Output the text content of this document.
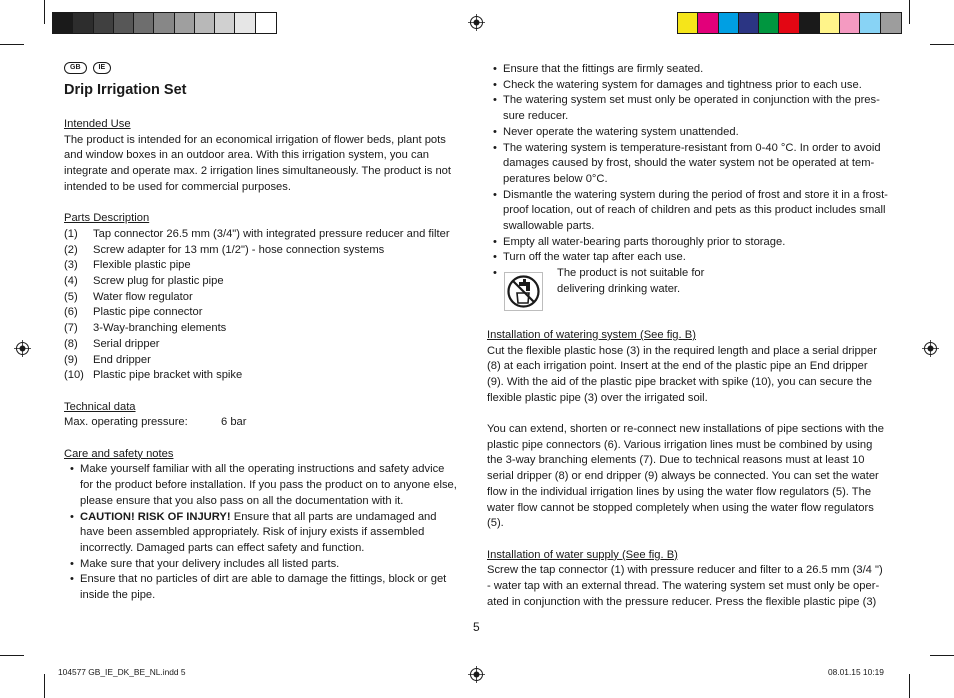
GB	IE
Drip Irrigation Set

Intended Use

The product is intended for an economical irrigation of flower beds, plant pots

and window boxes in an outdoor area. With this irrigation system, you can

integrate and operate max. 2 irrigation lines simultaneously. The product is not

intended to be used for commercial purposes.

Parts Description

(1)	Tap connector 26.5 mm (3/4") with integrated pressure reducer and filter
(2)	Screw adapter for 13 mm (1/2") - hose connection systems
(3)	Flexible plastic pipe
(4)	Screw plug for plastic pipe
(5)	Water flow regulator
(6)	Plastic pipe connector
(7)	3-Way-branching elements
(8)	Serial dripper
(9)	End dripper
(10) Plastic pipe bracket with spike

Technical data

Max. operating pressure:	6 bar

Care and safety notes

• Make yourself familiar with all the operating instructions and safety advice
for the product before installation. If you pass the product on to anyone else,
please ensure that you also pass on all the documentation with it.
• CAUTION! RISK OF INJURY! Ensure that all parts are undamaged and
have been assembled appropriately. Risk of injury exists if assembled
incorrectly. Damaged parts can effect safety and function.
• Make sure that your delivery includes all listed parts.
• Ensure that no particles of dirt are able to damage the fittings, block or get
inside the pipe.
• Ensure that the fittings are firmly seated.
• Check the watering system for damages and tightness prior to each use.
• The watering system set must only be operated in conjunction with the pres-
sure reducer.
• Never operate the watering system unattended.
• The watering system is temperature-resistant from 0-40 °C. In order to avoid
damages caused by frost, should the water system not be operated at tem-
peratures below 0°C.
• Dismantle the watering system during the period of frost and store it in a frost-
proof location, out of reach of children and pets as this product includes small
swallowable parts.
• Empty all water-bearing parts thoroughly prior to storage.
• Turn off the water tap after each use.
•	The product is not suitable for
delivering drinking water.

Installation of watering system (See fig. B)

Cut the flexible plastic hose (3) in the required length and place a serial dripper

(8) at each irrigation point. Insert at the end of the plastic pipe an End dripper

(9). With the aid of the plastic pipe bracket with spike (10), you can secure the

flexible plastic pipe (3) over the irrigated soil.

You can extend, shorten or re-connect new installations of pipe sections with the

plastic pipe connectors (6). Various irrigation lines must be combined by using

the 3-way branching elements (7). Due to technical reasons must at least 10

serial dripper (8) or end dripper (9) always be connected. You can set the water

flow in the individual irrigation lines by using the water flow regulators (5). The

water flow cannot be stopped completely when using the water flow regulators

(5).

Installation of water supply (See fig. B)

Screw the tap connector (1) with pressure reducer and filter to a 26.5 mm (3/4 ")

- water tap with an external thread. The watering system set must only be oper-

ated in conjunction with the pressure reducer. Press the flexible plastic pipe (3)

5
104577 GB_IE_DK_BE_NL.indd 5	08.01.15 10:19
